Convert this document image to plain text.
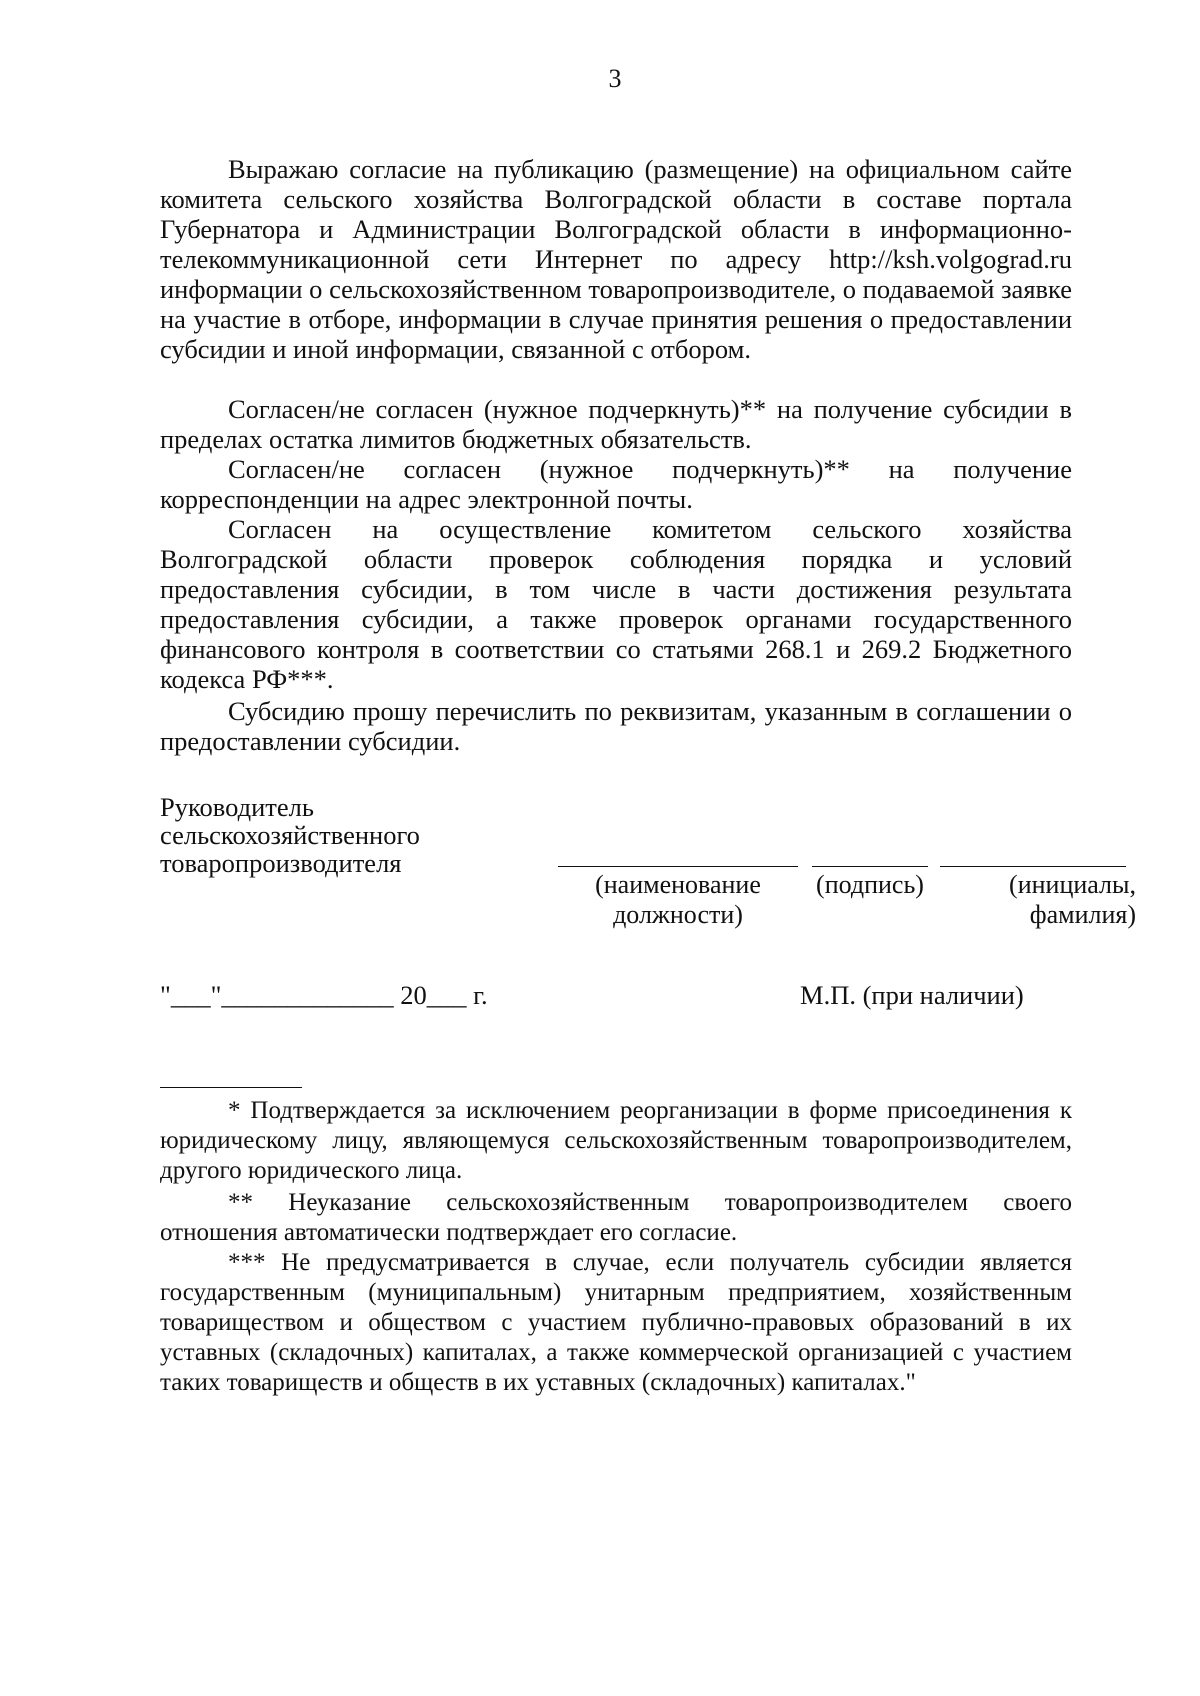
3
Выражаю согласие на публикацию (размещение) на официальном сайте комитета сельского хозяйства Волгоградской области в составе портала Губернатора и Администрации Волгоградской области в информационно-телекоммуникационной сети Интернет по адресу http://ksh.volgograd.ru информации о сельскохозяйственном товаропроизводителе, о подаваемой заявке на участие в отборе, информации в случае принятия решения о предоставлении субсидии и иной информации, связанной с отбором.
Согласен/не согласен (нужное подчеркнуть)** на получение субсидии в пределах остатка лимитов бюджетных обязательств.
Согласен/не согласен (нужное подчеркнуть)** на получение корреспонденции на адрес электронной почты.
Согласен на осуществление комитетом сельского хозяйства Волгоградской области проверок соблюдения порядка и условий предоставления субсидии, в том числе в части достижения результата предоставления субсидии, а также проверок органами государственного финансового контроля в соответствии со статьями 268.1 и 269.2 Бюджетного кодекса РФ***.
Субсидию прошу перечислить по реквизитам, указанным в соглашении о предоставлении субсидии.
Руководитель
сельскохозяйственного
товаропроизводителя
(наименование
должности)
(подпись)	(инициалы,
фамилия)
"___"_____________ 20___ г.	М.П. (при наличии)
* Подтверждается за исключением реорганизации в форме присоединения к юридическому лицу, являющемуся сельскохозяйственным товаропроизводителем, другого юридического лица.
** Неуказание сельскохозяйственным товаропроизводителем своего отношения автоматически подтверждает его согласие.
*** Не предусматривается в случае, если получатель субсидии является государственным (муниципальным) унитарным предприятием, хозяйственным товариществом и обществом с участием публично-правовых образований в их уставных (складочных) капиталах, а также коммерческой организацией с участием таких товариществ и обществ в их уставных (складочных) капиталах."
